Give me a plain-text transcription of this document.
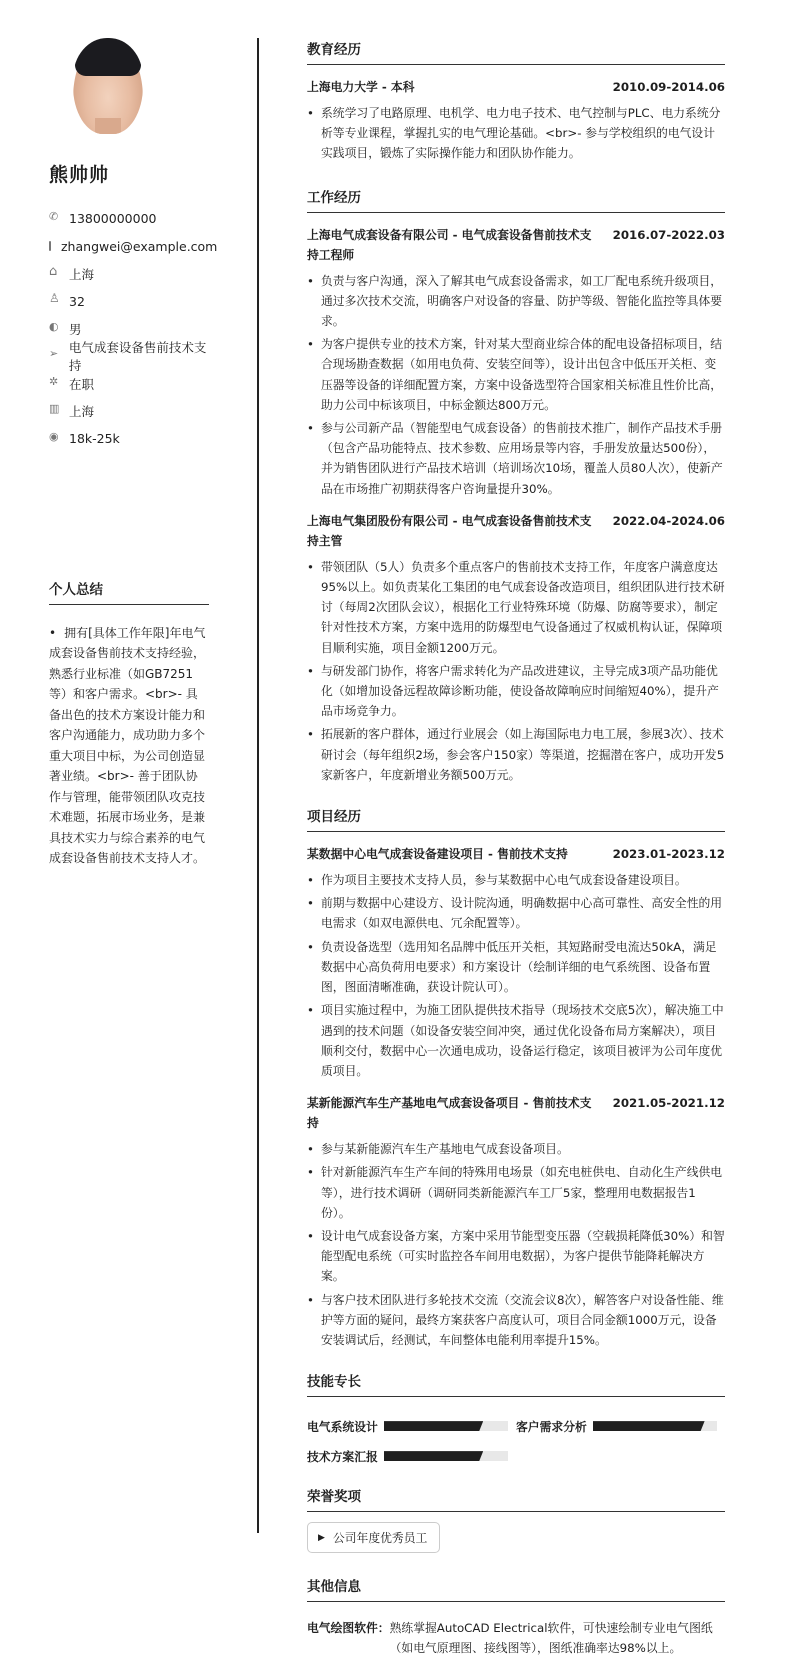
熊帅帅
✆
13800000000
zhangwei@example.com
⌂
上海
♙
32
◐
男
➢
电气成套设备售前技术支持
✲
在职
▥
上海
◉
18k-25k
个人总结
• 拥有[具体工作年限]年电气成套设备售前技术支持经验，熟悉行业标准（如GB7251等）和客户需求。<br>- 具备出色的技术方案设计能力和客户沟通能力，成功助力多个重大项目中标，为公司创造显著业绩。<br>- 善于团队协作与管理，能带领团队攻克技术难题，拓展市场业务，是兼具技术实力与综合素养的电气成套设备售前技术支持人才。
教育经历
上海电力大学 - 本科	2010.09-2014.06
• 系统学习了电路原理、电机学、电力电子技术、电气控制与PLC、电力系统分析等专业课程，掌握扎实的电气理论基础。<br>- 参与学校组织的电气设计实践项目，锻炼了实际操作能力和团队协作能力。
工作经历
上海电气成套设备有限公司 - 电气成套设备售前技术支持工程师
2016.07-2022.03
• 负责与客户沟通，深入了解其电气成套设备需求，如工厂配电系统升级项目，通过多次技术交流，明确客户对设备的容量、防护等级、智能化监控等具体要求。
• 为客户提供专业的技术方案，针对某大型商业综合体的配电设备招标项目，结合现场勘查数据（如用电负荷、安装空间等），设计出包含中低压开关柜、变压器等设备的详细配置方案，方案中设备选型符合国家相关标准且性价比高，助力公司中标该项目，中标金额达800万元。
• 参与公司新产品（智能型电气成套设备）的售前技术推广，制作产品技术手册（包含产品功能特点、技术参数、应用场景等内容，手册发放量达500份），并为销售团队进行产品技术培训（培训场次10场，覆盖人员80人次），使新产品在市场推广初期获得客户咨询量提升30%。
上海电气集团股份有限公司 - 电气成套设备售前技术支持主管
2022.04-2024.06
• 带领团队（5人）负责多个重点客户的售前技术支持工作，年度客户满意度达95%以上。如负责某化工集团的电气成套设备改造项目，组织团队进行技术研讨（每周2次团队会议），根据化工行业特殊环境（防爆、防腐等要求），制定针对性技术方案，方案中选用的防爆型电气设备通过了权威机构认证，保障项目顺利实施，项目金额1200万元。
• 与研发部门协作，将客户需求转化为产品改进建议，主导完成3项产品功能优化（如增加设备远程故障诊断功能，使设备故障响应时间缩短40%），提升产品市场竞争力。
• 拓展新的客户群体，通过行业展会（如上海国际电力电工展，参展3次）、技术研讨会（每年组织2场，参会客户150家）等渠道，挖掘潜在客户，成功开发5家新客户，年度新增业务额500万元。
项目经历
某数据中心电气成套设备建设项目 - 售前技术支持	2023.01-2023.12
• 作为项目主要技术支持人员，参与某数据中心电气成套设备建设项目。
• 前期与数据中心建设方、设计院沟通，明确数据中心高可靠性、高安全性的用电需求（如双电源供电、冗余配置等）。
• 负责设备选型（选用知名品牌中低压开关柜，其短路耐受电流达50kA，满足数据中心高负荷用电要求）和方案设计（绘制详细的电气系统图、设备布置图，图面清晰准确，获设计院认可）。
• 项目实施过程中，为施工团队提供技术指导（现场技术交底5次），解决施工中遇到的技术问题（如设备安装空间冲突，通过优化设备布局方案解决），项目顺利交付，数据中心一次通电成功，设备运行稳定，该项目被评为公司年度优质项目。
某新能源汽车生产基地电气成套设备项目 - 售前技术支持
2021.05-2021.12
• 参与某新能源汽车生产基地电气成套设备项目。
• 针对新能源汽车生产车间的特殊用电场景（如充电桩供电、自动化生产线供电等），进行技术调研（调研同类新能源汽车工厂5家，整理用电数据报告1份）。
• 设计电气成套设备方案，方案中采用节能型变压器（空载损耗降低30%）和智能型配电系统（可实时监控各车间用电数据），为客户提供节能降耗解决方案。
• 与客户技术团队进行多轮技术交流（交流会议8次），解答客户对设备性能、维护等方面的疑问，最终方案获客户高度认可，项目合同金额1000万元，设备安装调试后，经测试，车间整体电能利用率提升15%。
技能专长
电气系统设计	客户需求分析
技术方案汇报
荣誉奖项
▶ 公司年度优秀员工
其他信息
电气绘图软件： 熟练掌握AutoCAD Electrical软件，可快速绘制专业电气图纸（如电气原理图、接线图等），图纸准确率达98%以上。
